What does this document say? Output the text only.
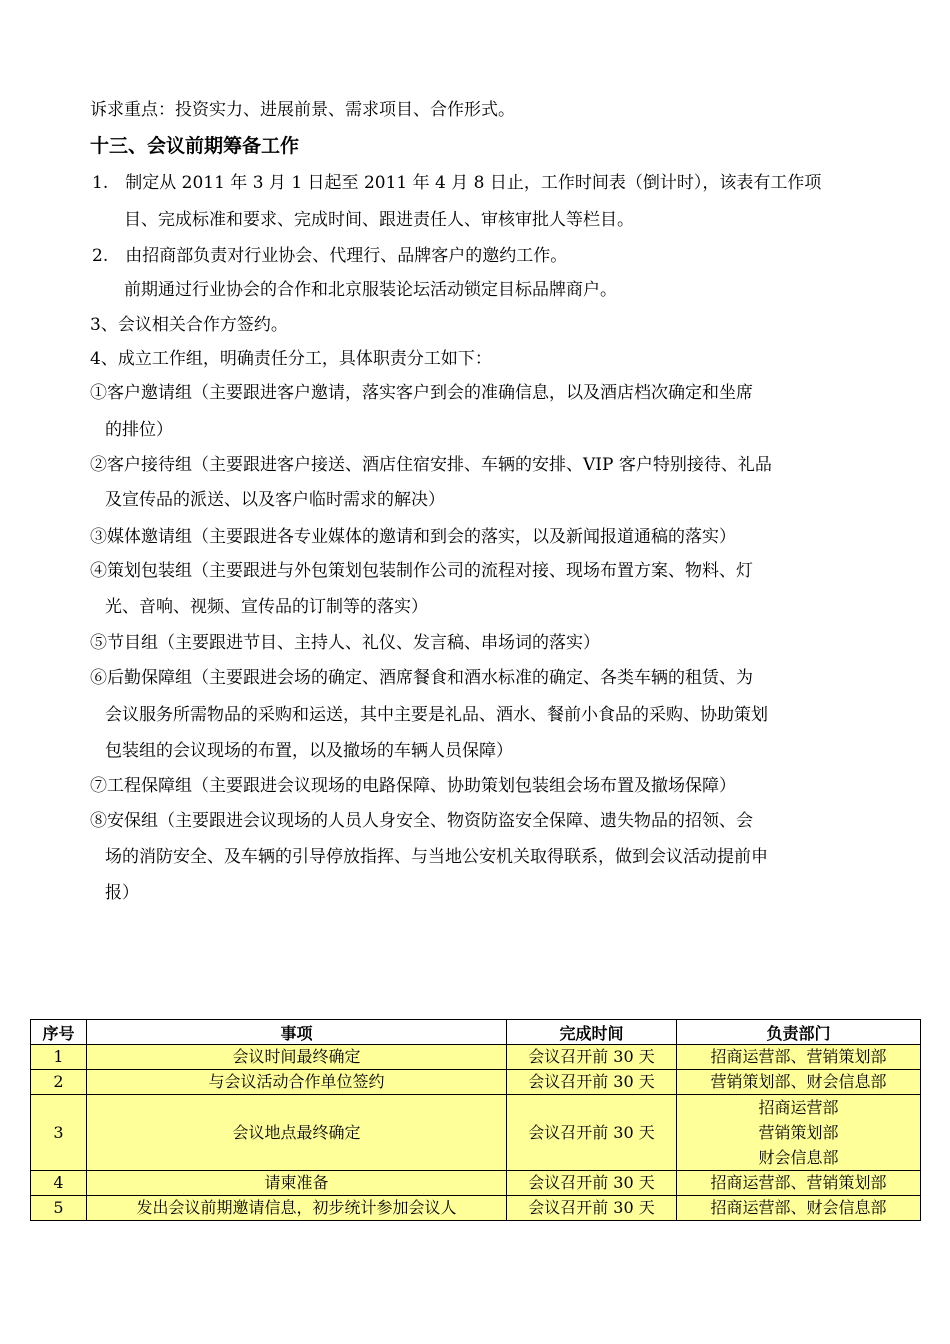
诉求重点：投资实力、进展前景、需求项目、合作形式。
十三、会议前期筹备工作
1.　制定从 2011 年 3 月 1 日起至 2011 年 4 月 8 日止，工作时间表（倒计时），该表有工作项
目、完成标准和要求、完成时间、跟进责任人、审核审批人等栏目。
2.　由招商部负责对行业协会、代理行、品牌客户的邀约工作。
前期通过行业协会的合作和北京服装论坛活动锁定目标品牌商户。
3、会议相关合作方签约。
4、成立工作组，明确责任分工，具体职责分工如下：
①客户邀请组（主要跟进客户邀请，落实客户到会的准确信息，以及酒店档次确定和坐席
的排位）
②客户接待组（主要跟进客户接送、酒店住宿安排、车辆的安排、VIP 客户特别接待、礼品
及宣传品的派送、以及客户临时需求的解决）
③媒体邀请组（主要跟进各专业媒体的邀请和到会的落实，以及新闻报道通稿的落实）
④策划包装组（主要跟进与外包策划包装制作公司的流程对接、现场布置方案、物料、灯
光、音响、视频、宣传品的订制等的落实）
⑤节目组（主要跟进节目、主持人、礼仪、发言稿、串场词的落实）
⑥后勤保障组（主要跟进会场的确定、酒席餐食和酒水标准的确定、各类车辆的租赁、为
会议服务所需物品的采购和运送，其中主要是礼品、酒水、餐前小食品的采购、协助策划
包装组的会议现场的布置，以及撤场的车辆人员保障）
⑦工程保障组（主要跟进会议现场的电路保障、协助策划包装组会场布置及撤场保障）
⑧安保组（主要跟进会议现场的人员人身安全、物资防盗安全保障、遗失物品的招领、会
场的消防安全、及车辆的引导停放指挥、与当地公安机关取得联系，做到会议活动提前申
报）
序号	事项	完成时间	负责部门
1	会议时间最终确定	会议召开前 30 天	招商运营部、营销策划部
2	与会议活动合作单位签约	会议召开前 30 天	营销策划部、财会信息部
3	会议地点最终确定	会议召开前 30 天	招商运营部
营销策划部
财会信息部

4	请柬准备	会议召开前 30 天	招商运营部、营销策划部
5	发出会议前期邀请信息，初步统计参加会议人	会议召开前 30 天	招商运营部、财会信息部
